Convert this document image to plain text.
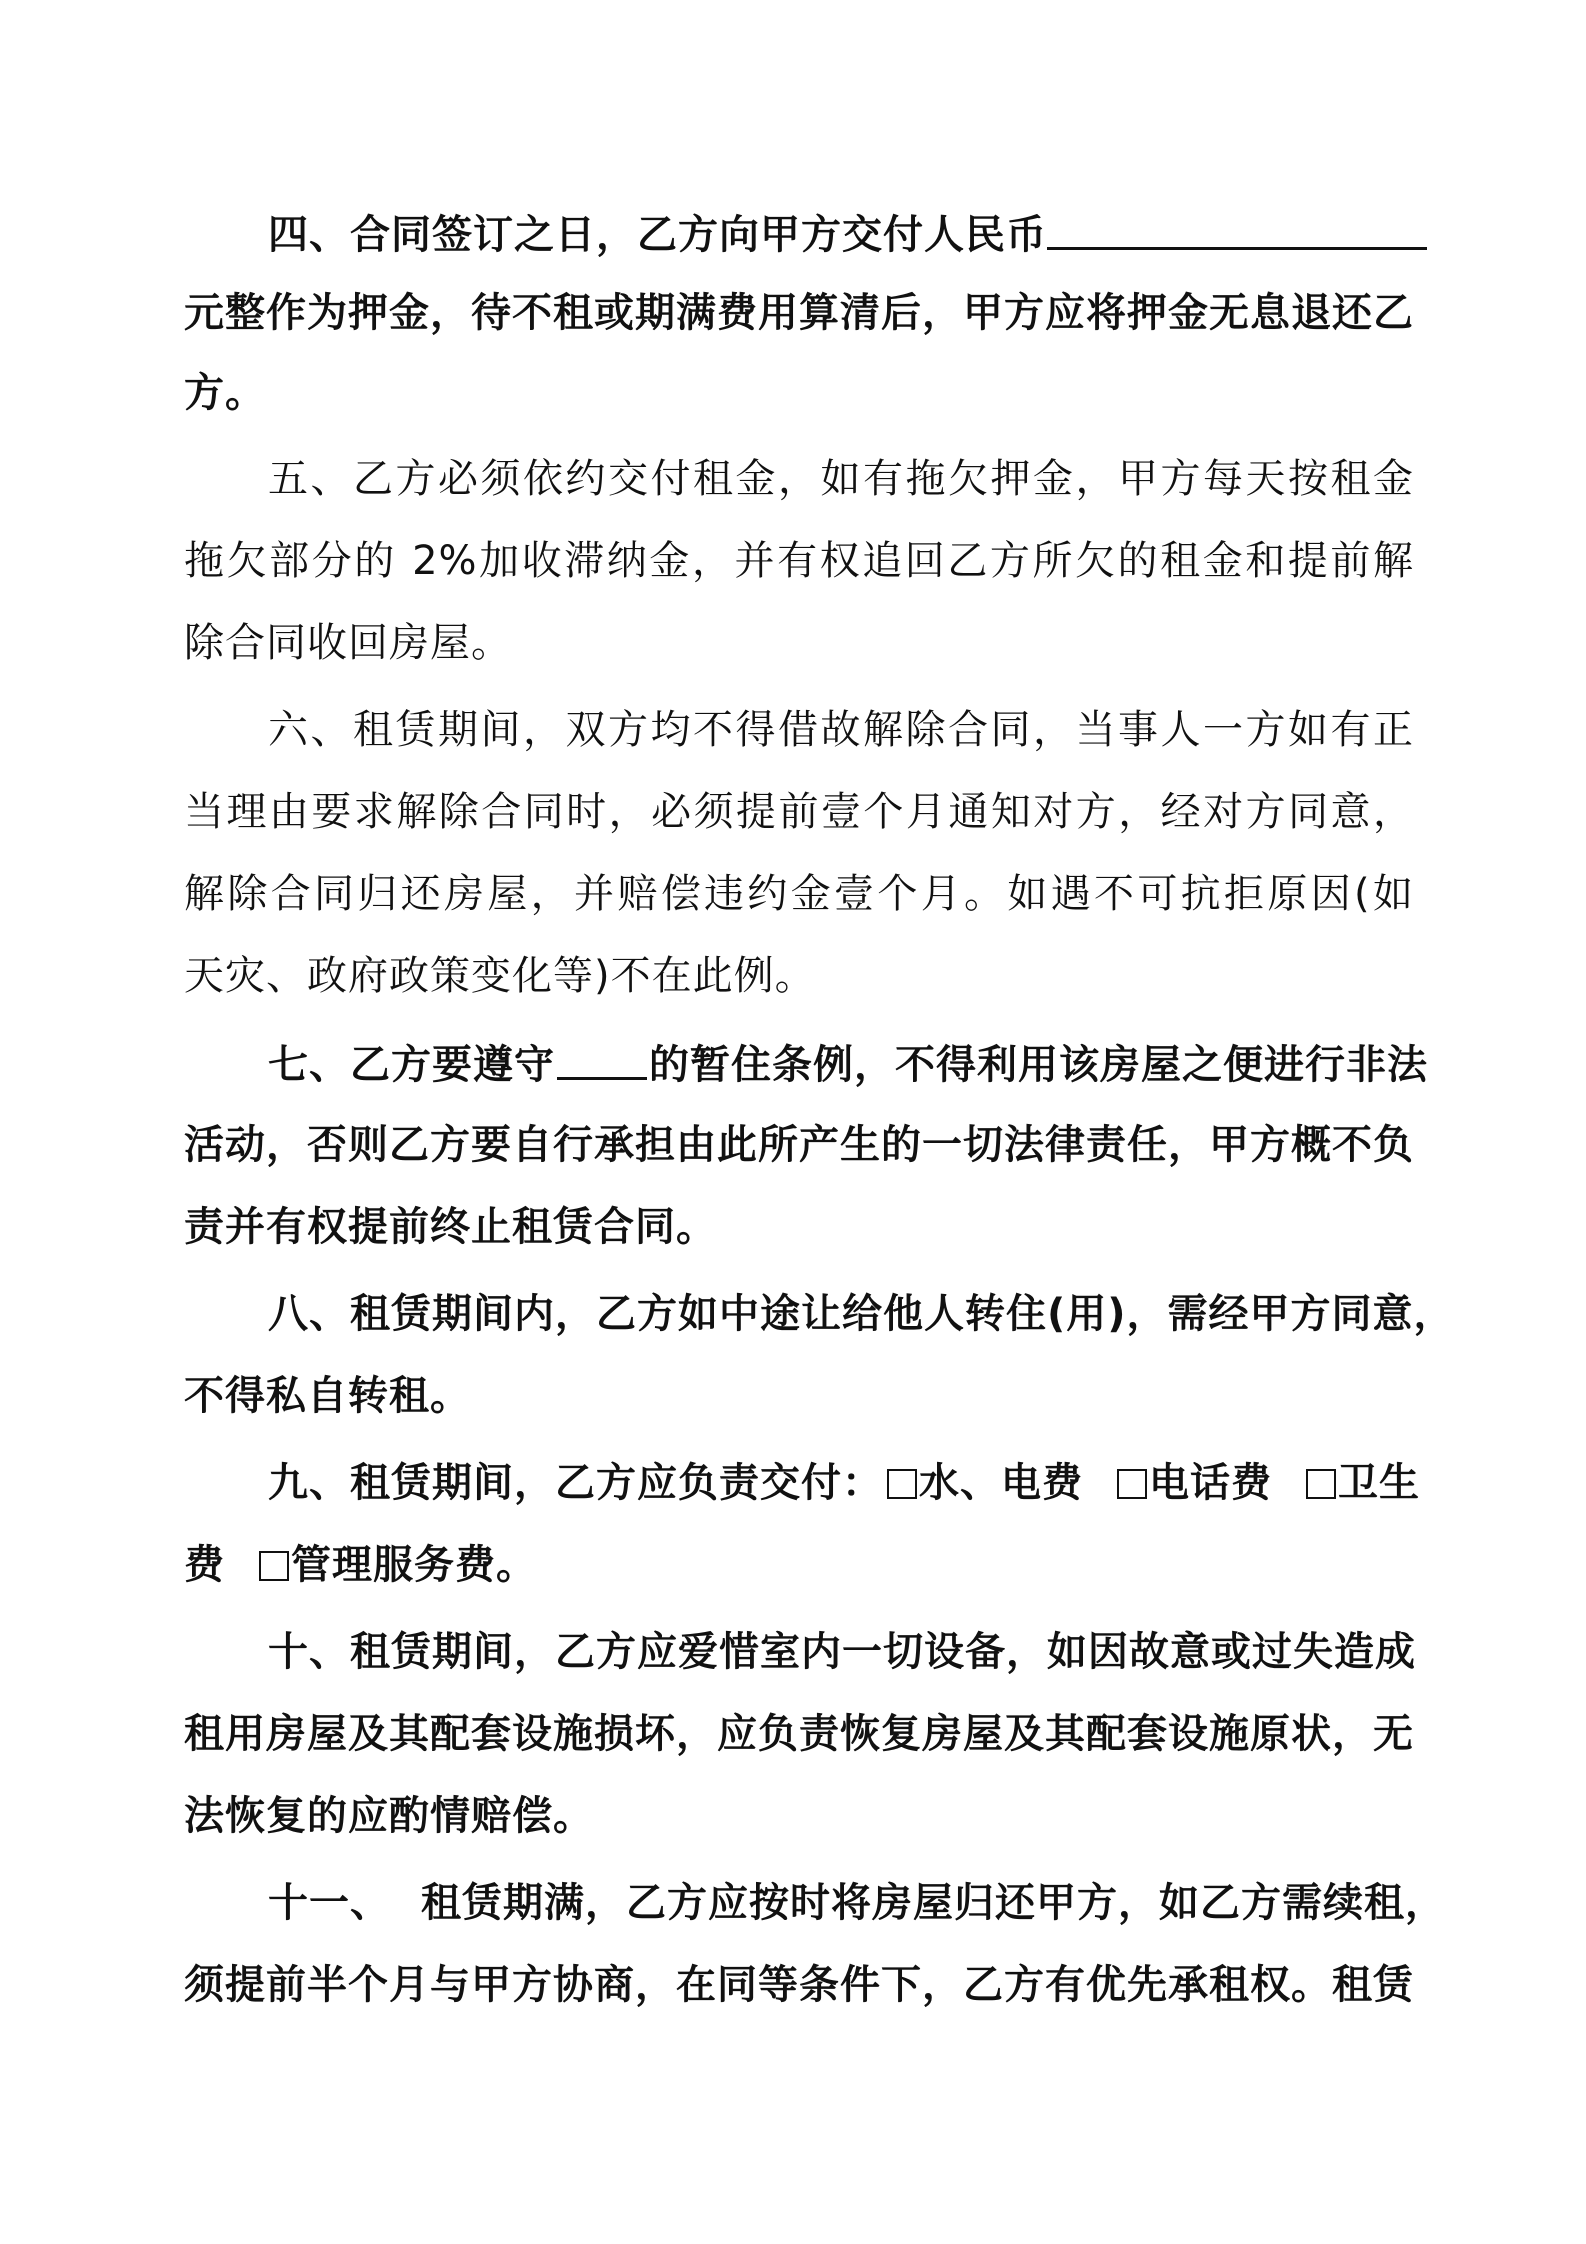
四、合同签订之日，乙方向甲方交付人民币
元整作为押金，待不租或期满费用算清后，甲方应将押金无息退还乙
方。
五、乙方必须依约交付租金，如有拖欠押金，甲方每天按租金
拖欠部分的 2%加收滞纳金，并有权追回乙方所欠的租金和提前解
除合同收回房屋。
六、租赁期间，双方均不得借故解除合同，当事人一方如有正
当理由要求解除合同时，必须提前壹个月通知对方，经对方同意，
解除合同归还房屋，并赔偿违约金壹个月。如遇不可抗拒原因(如
天灾、政府政策变化等)不在此例。
七、乙方要遵守 的暂住条例，不得利用该房屋之便进行非法
活动，否则乙方要自行承担由此所产生的一切法律责任，甲方概不负
责并有权提前终止租赁合同。
八、租赁期间内，乙方如中途让给他人转住(用)，需经甲方同意，
不得私自转租。
九、租赁期间，乙方应负责交付： 水、电费 电话费 卫生
费 管理服务费。
十、租赁期间，乙方应爱惜室内一切设备，如因故意或过失造成
租用房屋及其配套设施损坏，应负责恢复房屋及其配套设施原状，无
法恢复的应酌情赔偿。
十一、 租赁期满，乙方应按时将房屋归还甲方，如乙方需续租，
须提前半个月与甲方协商，在同等条件下，乙方有优先承租权。租赁
